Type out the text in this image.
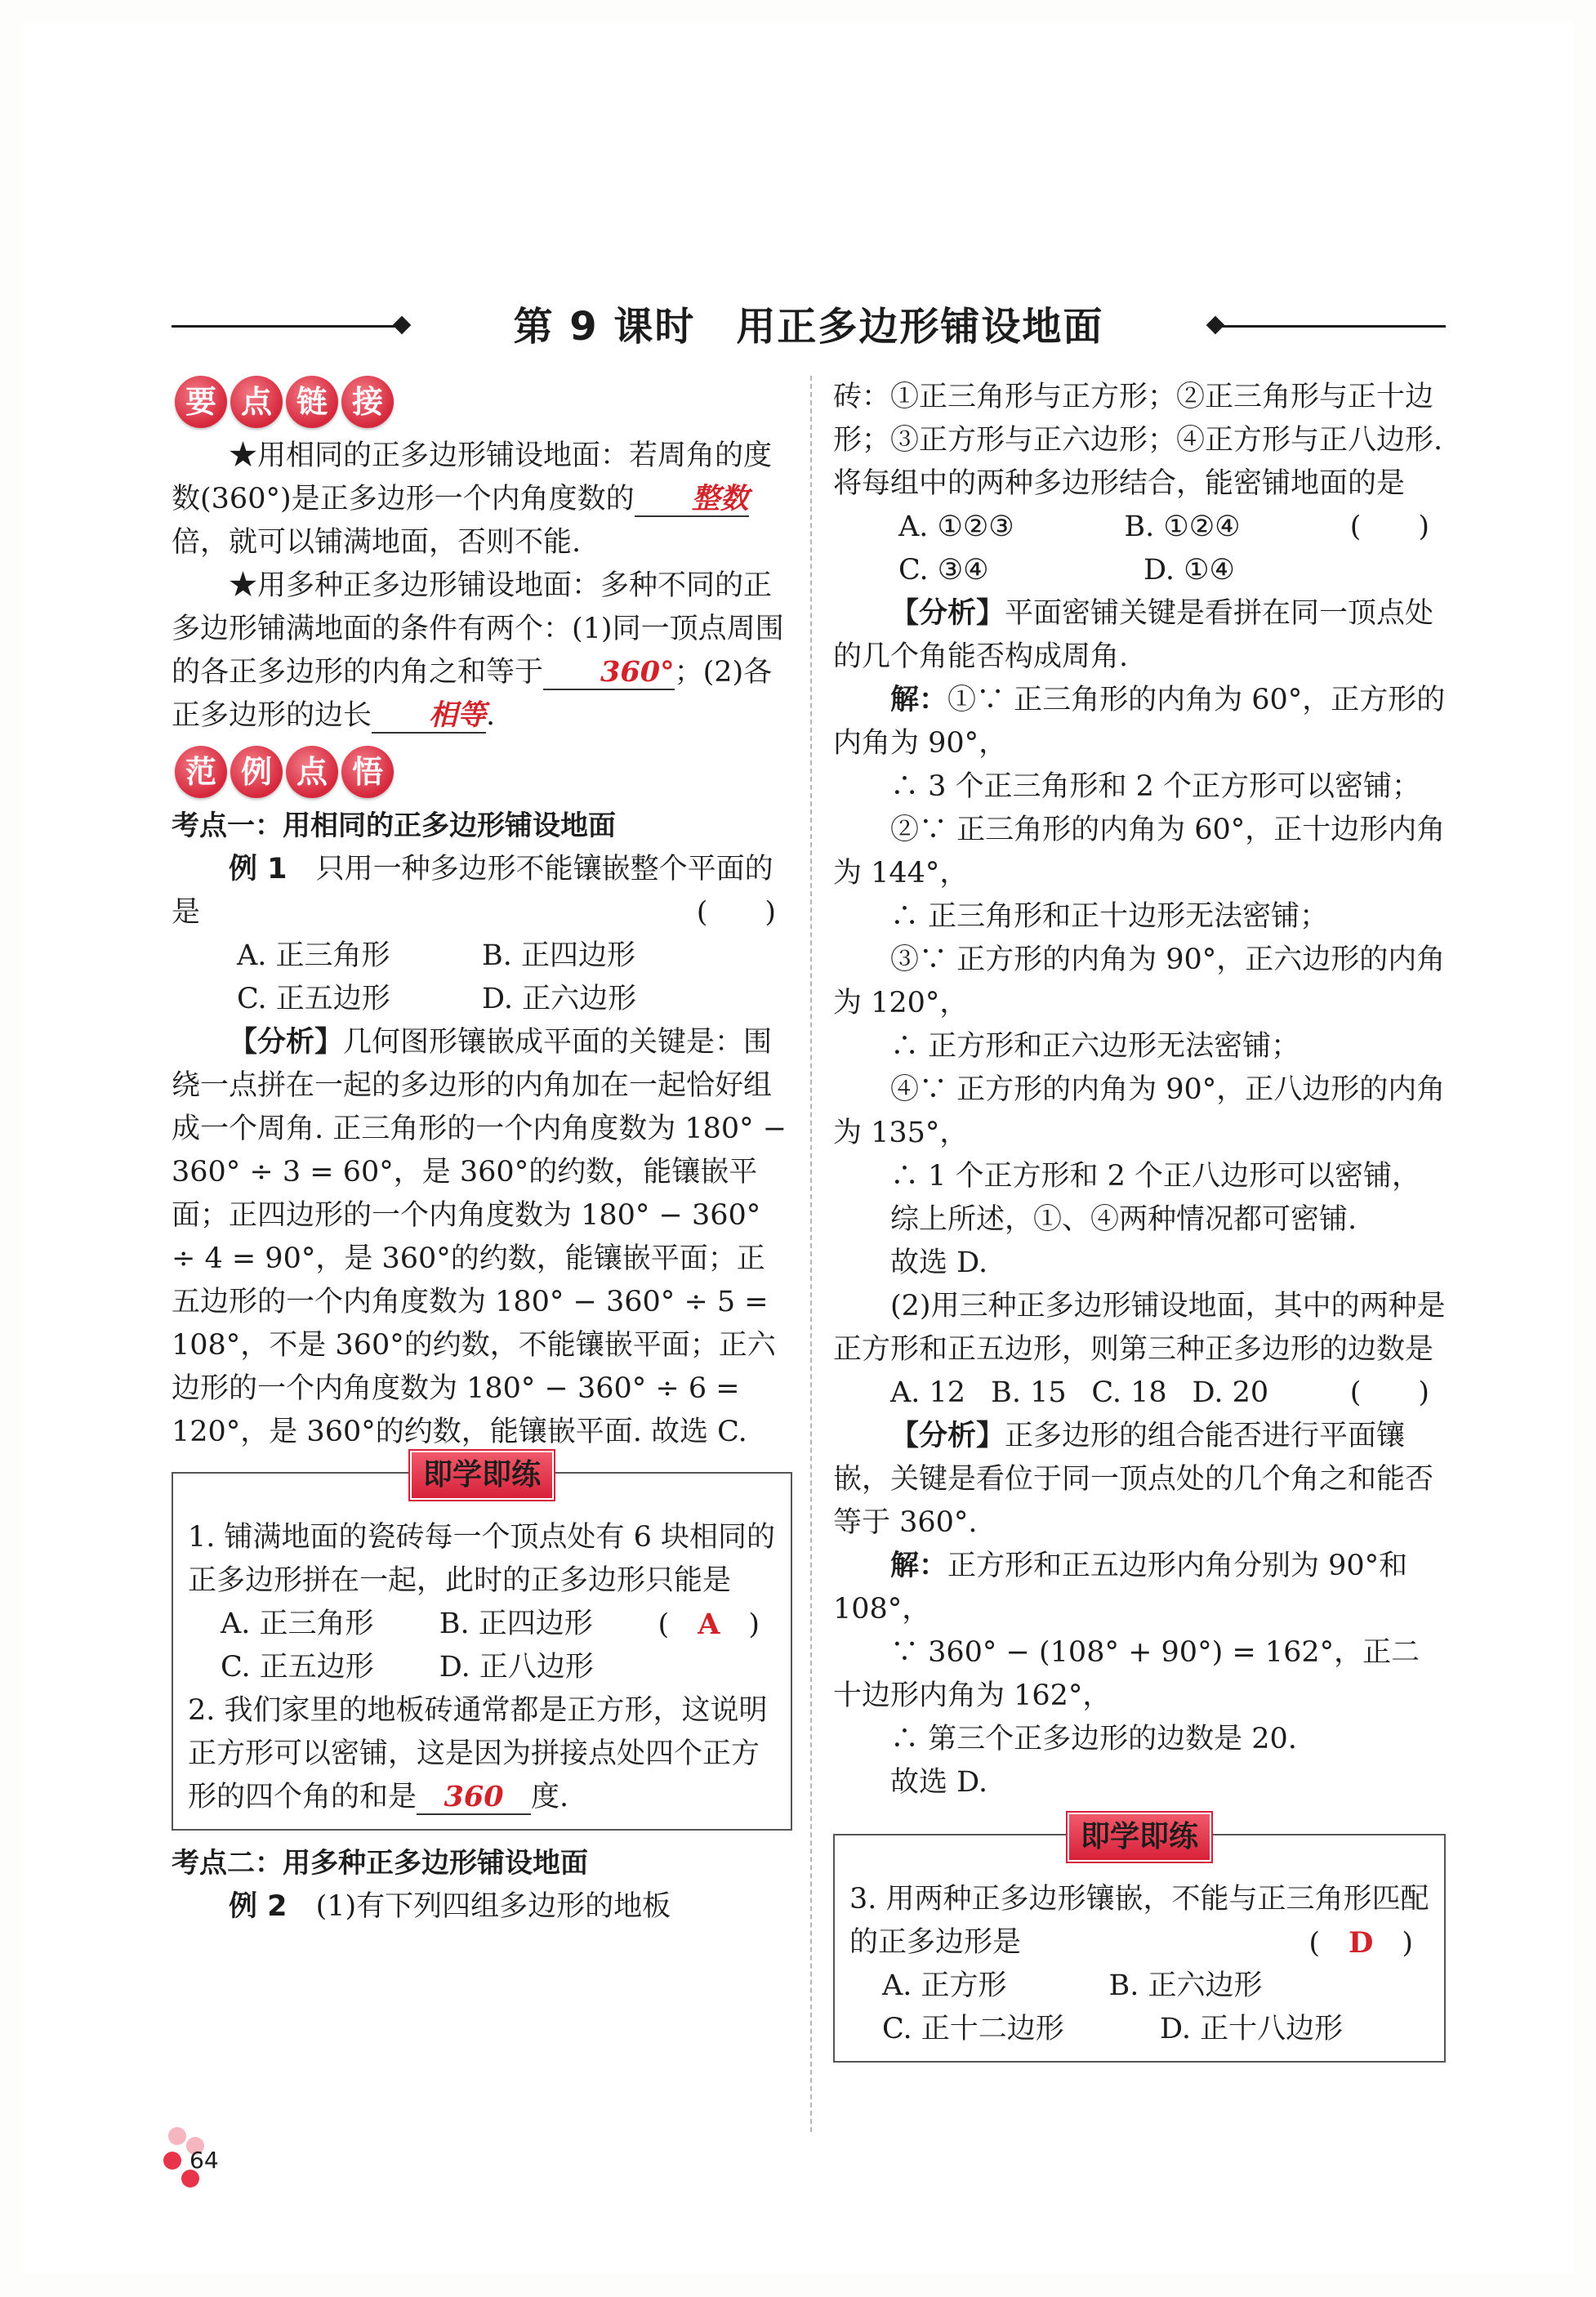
第 9 课时　用正多边形铺设地面
要 点 链 接

★用相同的正多边形铺设地面：若周角的度数(360°)是正多边形一个内角度数的 整数倍，就可以铺满地面，否则不能.

★用多种正多边形铺设地面：多种不同的正多边形铺满地面的条件有两个：(1)同一顶点周围的各正多边形的内角之和等于 360°；(2)各正多边形的边长 相等.

范 例 点 悟

考点一：用相同的正多边形铺设地面

例 1　 只用一种多边形不能镶嵌整个平面的是	(　　)

A. 正三角形	B. 正四边形
C. 正五边形	D. 正六边形

【分析】几何图形镶嵌成平面的关键是：围绕一点拼在一起的多边形的内角加在一起恰好组成一个周角. 正三角形的一个内角度数为 180° − 360° ÷ 3 = 60°，是 360°的约数，能镶嵌平面；正四边形的一个内角度数为 180° − 360° ÷ 4 = 90°，是 360°的约数，能镶嵌平面；正五边形的一个内角度数为 180° − 360° ÷ 5 = 108°，不是 360°的约数，不能镶嵌平面；正六边形的一个内角度数为 180° − 360° ÷ 6 = 120°，是 360°的约数，能镶嵌平面. 故选 C.

即学即练

1. 铺满地面的瓷砖每一个顶点处有 6 块相同的正多边形拼在一起，此时的正多边形只能是
(　A　)

A. 正三角形	B. 正四边形
C. 正五边形	D. 正八边形

2. 我们家里的地板砖通常都是正方形，这说明正方形可以密铺，这是因为拼接点处四个正方形的四个角的和是 360 度.

考点二：用多种正多边形铺设地面

例 2　 (1)有下列四组多边形的地板

砖：①正三角形与正方形；②正三角形与正十边形；③正方形与正六边形；④正方形与正八边形. 将每组中的两种多边形结合，能密铺地面的是
(　　)

A. ①②③	B. ①②④
C. ③④	D. ①④

【分析】平面密铺关键是看拼在同一顶点处的几个角能否构成周角.

解：①∵ 正三角形的内角为 60°，正方形的内角为 90°，

∴ 3 个正三角形和 2 个正方形可以密铺；

②∵ 正三角形的内角为 60°，正十边形内角为 144°，

∴ 正三角形和正十边形无法密铺；

③∵ 正方形的内角为 90°，正六边形的内角为 120°，

∴ 正方形和正六边形无法密铺；

④∵ 正方形的内角为 90°，正八边形的内角为 135°，

∴ 1 个正方形和 2 个正八边形可以密铺，

综上所述，①、④两种情况都可密铺.

故选 D.

(2)用三种正多边形铺设地面，其中的两种是正方形和正五边形，则第三种正多边形的边数是
(　　)

A. 12 B. 15 C. 18 D. 20

【分析】正多边形的组合能否进行平面镶嵌，关键是看位于同一顶点处的几个角之和能否等于 360°.

解：正方形和正五边形内角分别为 90°和 108°，

∵ 360° − (108° + 90°) = 162°，正二十边形内角为 162°，

∴ 第三个正多边形的边数是 20.

故选 D.

即学即练

3. 用两种正多边形镶嵌，不能与正三角形匹配的正多边形是	(　D　)

A. 正方形	B. 正六边形
C. 正十二边形	D. 正十八边形
64
